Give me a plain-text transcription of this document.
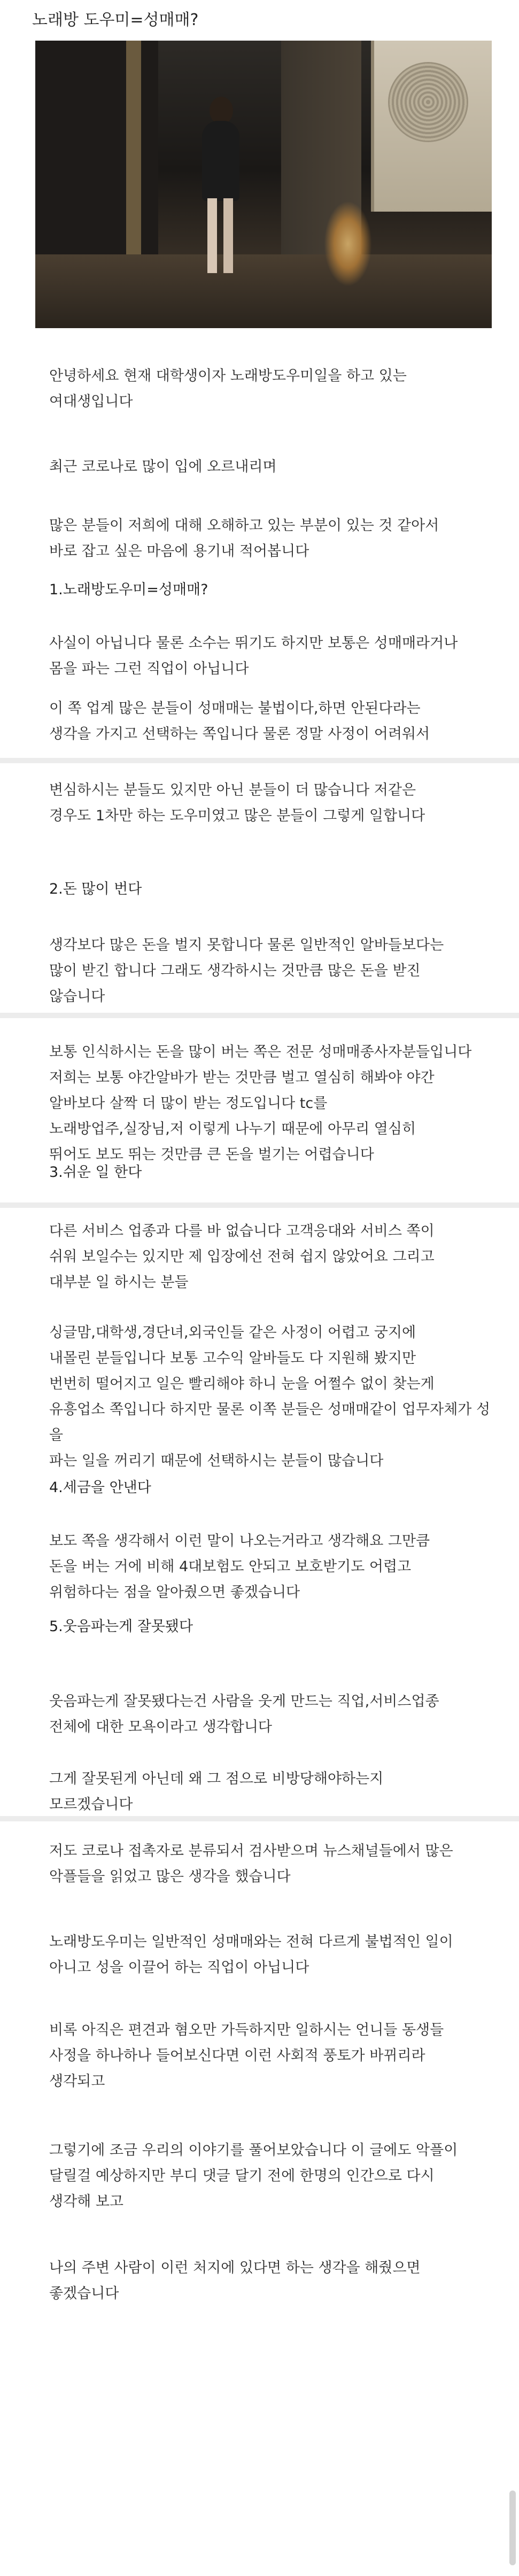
노래방 도우미=성매매?

안녕하세요 현재 대학생이자 노래방도우미일을 하고 있는
여대생입니다

최근 코로나로 많이 입에 오르내리며

많은 분들이 저희에 대해 오해하고 있는 부분이 있는 것 같아서
바로 잡고 싶은 마음에 용기내 적어봅니다

1.노래방도우미=성매매?

사실이 아닙니다 물론 소수는 뛰기도 하지만 보통은 성매매라거나
몸을 파는 그런 직업이 아닙니다

이 쪽 업계 많은 분들이 성매매는 불법이다,하면 안된다라는
생각을 가지고 선택하는 쪽입니다 물론 정말 사정이 어려워서

변심하시는 분들도 있지만 아닌 분들이 더 많습니다 저같은
경우도 1차만 하는 도우미였고 많은 분들이 그렇게 일합니다

2.돈 많이 번다

생각보다 많은 돈을 벌지 못합니다 물론 일반적인 알바들보다는
많이 받긴 합니다 그래도 생각하시는 것만큼 많은 돈을 받진
않습니다

보통 인식하시는 돈을 많이 버는 쪽은 전문 성매매종사자분들입니다
저희는 보통 야간알바가 받는 것만큼 벌고 열심히 해봐야 야간
알바보다 살짝 더 많이 받는 정도입니다 tc를
노래방업주,실장님,저 이렇게 나누기 때문에 아무리 열심히
뛰어도 보도 뛰는 것만큼 큰 돈을 벌기는 어렵습니다

3.쉬운 일 한다

다른 서비스 업종과 다를 바 없습니다 고객응대와 서비스 쪽이
쉬워 보일수는 있지만 제 입장에선 전혀 쉽지 않았어요 그리고
대부분 일 하시는 분들

싱글맘,대학생,경단녀,외국인들 같은 사정이 어렵고 궁지에
내몰린 분들입니다 보통 고수익 알바들도 다 지원해 봤지만
번번히 떨어지고 일은 빨리해야 하니 눈을 어쩔수 없이 찾는게
유흥업소 쪽입니다 하지만 물론 이쪽 분들은 성매매같이 업무자체가 성을
파는 일을 꺼리기 때문에 선택하시는 분들이 많습니다

4.세금을 안낸다

보도 쪽을 생각해서 이런 말이 나오는거라고 생각해요 그만큼
돈을 버는 거에 비해 4대보험도 안되고 보호받기도 어렵고
위험하다는 점을 알아줬으면 좋겠습니다

5.웃음파는게 잘못됐다

웃음파는게 잘못됐다는건 사람을 웃게 만드는 직업,서비스업종
전체에 대한 모욕이라고 생각합니다

그게 잘못된게 아닌데 왜 그 점으로 비방당해야하는지
모르겠습니다

저도 코로나 접촉자로 분류되서 검사받으며 뉴스채널들에서 많은
악플들을 읽었고 많은 생각을 했습니다

노래방도우미는 일반적인 성매매와는 전혀 다르게 불법적인 일이
아니고 성을 이끌어 하는 직업이 아닙니다

비록 아직은 편견과 혐오만 가득하지만 일하시는 언니들 동생들
사정을 하나하나 들어보신다면 이런 사회적 풍토가 바뀌리라
생각되고

그렇기에 조금 우리의 이야기를 풀어보았습니다 이 글에도 악플이
달릴걸 예상하지만 부디 댓글 달기 전에 한명의 인간으로 다시
생각해 보고

나의 주변 사람이 이런 처지에 있다면 하는 생각을 해줬으면
좋겠습니다
